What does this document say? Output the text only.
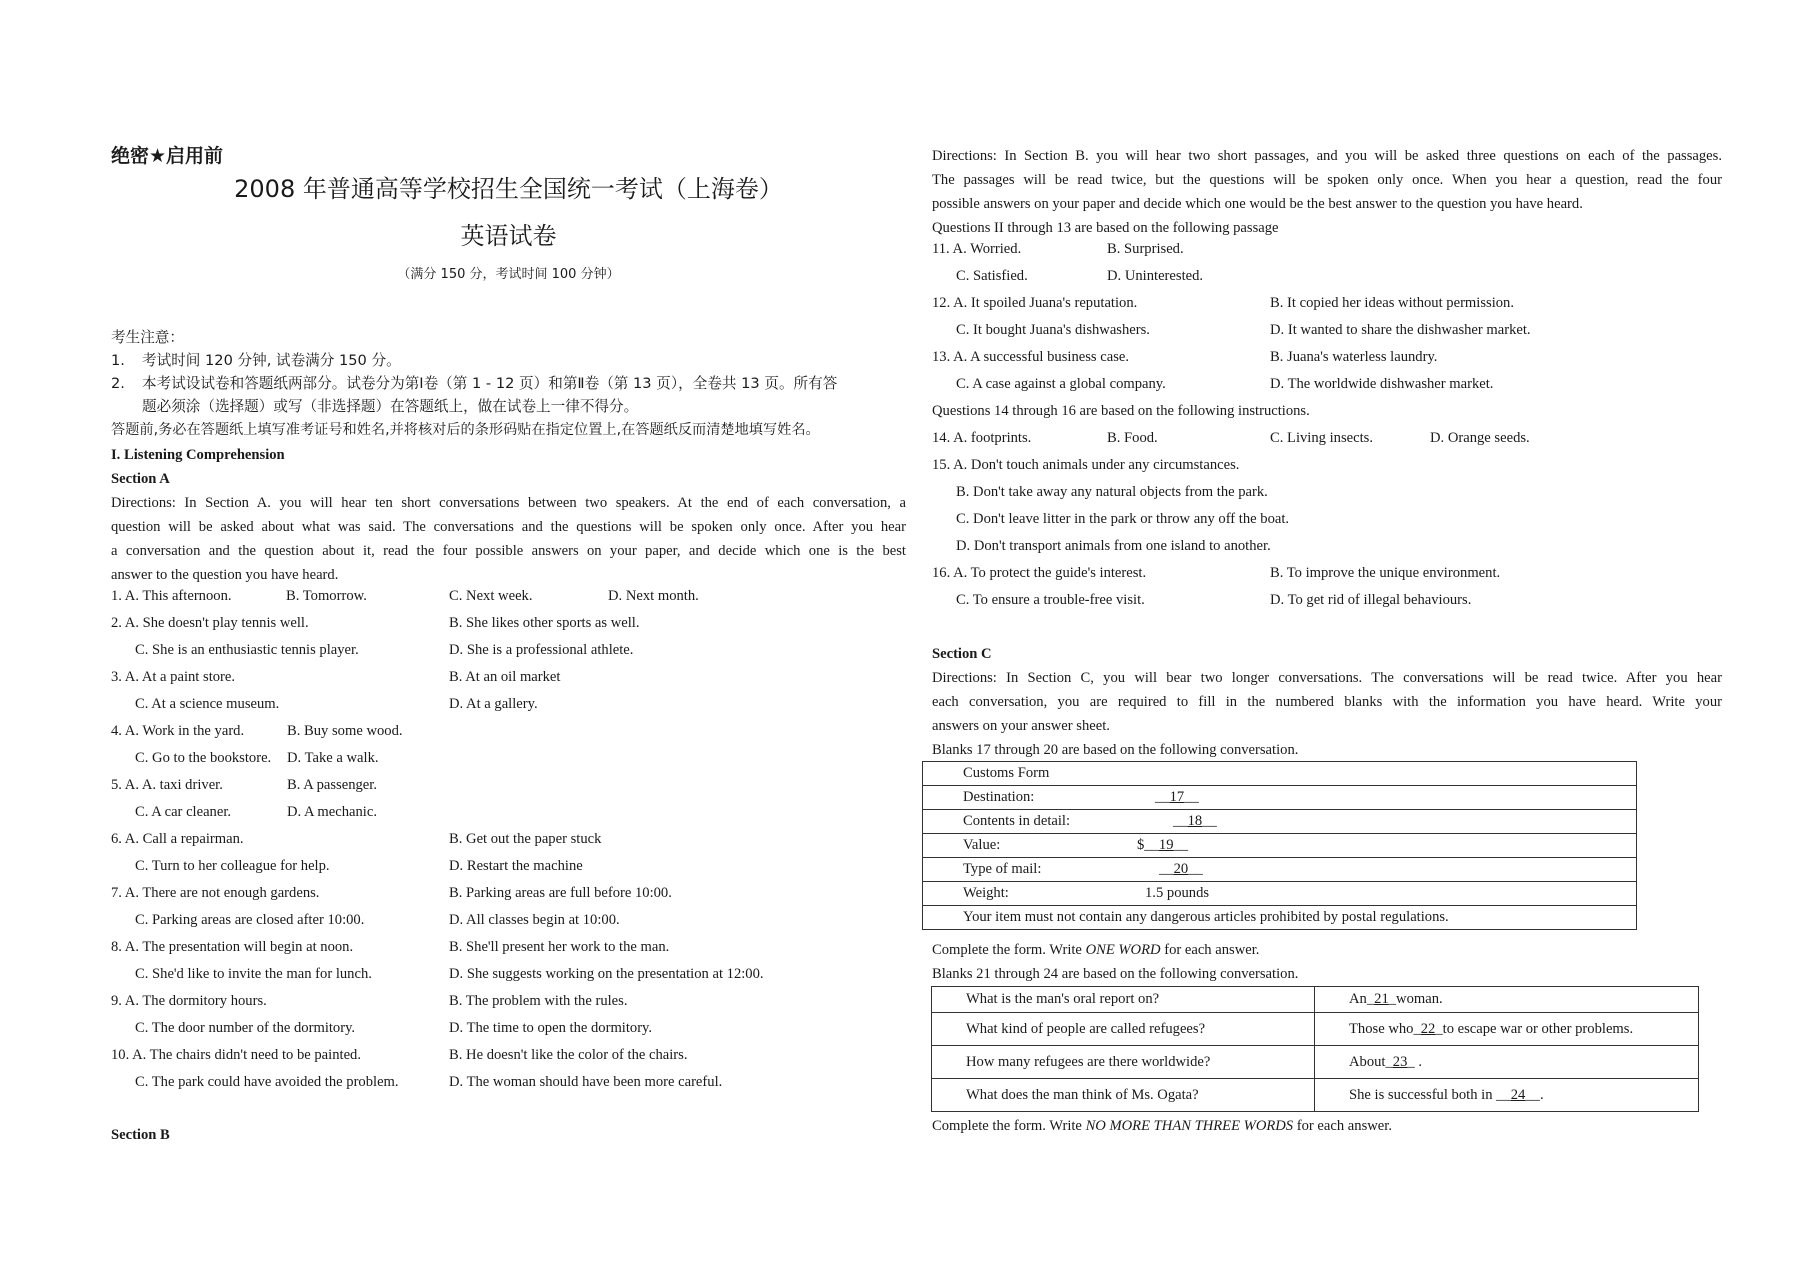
绝密★启用前
2008 年普通高等学校招生全国统一考试（上海卷）
英语试卷
（满分 150 分，考试时间 100 分钟）
考生注意：
1. 考试时间 120 分钟, 试卷满分 150 分。
2. 本考试设试卷和答题纸两部分。试卷分为第Ⅰ卷（第 1 - 12 页）和第Ⅱ卷（第 13 页），全卷共 13 页。所有答
题必须涂（选择题）或写（非选择题）在答题纸上，做在试卷上一律不得分。
答题前,务必在答题纸上填写准考证号和姓名,并将核对后的条形码贴在指定位置上,在答题纸反而清楚地填写姓名。
I. Listening Comprehension
Section A
Directions: In Section A. you will hear ten short conversations between two speakers. At the end of each conversation, a
question will be asked about what was said. The conversations and the questions will be spoken only once. After you hear
a conversation and the question about it, read the four possible answers on your paper, and decide which one is the best
answer to the question you have heard.
1. A. This afternoon.	B. Tomorrow.	C. Next week.	D. Next month.
2. A. She doesn't play tennis well.	B. She likes other sports as well.
C. She is an enthusiastic tennis player.	D. She is a professional athlete.
3. A. At a paint store.	B. At an oil market
C. At a science museum.	D. At a gallery.
4. A. Work in the yard.	B. Buy some wood.
C. Go to the bookstore. D. Take a walk.
5. A. A. taxi driver.	B. A passenger.
C. A car cleaner.	D. A mechanic.
6. A. Call a repairman.	B. Get out the paper stuck
C. Turn to her colleague for help.	D. Restart the machine
7. A. There are not enough gardens.	B. Parking areas are full before 10:00.
C. Parking areas are closed after 10:00.	D. All classes begin at 10:00.
8. A. The presentation will begin at noon.	B. She'll present her work to the man.
C. She'd like to invite the man for lunch.	D. She suggests working on the presentation at 12:00.
9. A. The dormitory hours.	B. The problem with the rules.
C. The door number of the dormitory.	D. The time to open the dormitory.
10. A. The chairs didn't need to be painted.	B. He doesn't like the color of the chairs.
C. The park could have avoided the problem.	D. The woman should have been more careful.
Section B
Directions: In Section B. you will hear two short passages, and you will be asked three questions on each of the passages.
The passages will be read twice, but the questions will be spoken only once. When you hear a question, read the four
possible answers on your paper and decide which one would be the best answer to the question you have heard.
Questions II through 13 are based on the following passage
11. A. Worried.	B. Surprised.
C. Satisfied.	D. Uninterested.
12. A. It spoiled Juana's reputation.	B. It copied her ideas without permission.
C. It bought Juana's dishwashers.	D. It wanted to share the dishwasher market.
13. A. A successful business case.	B. Juana's waterless laundry.
C. A case against a global company.	D. The worldwide dishwasher market.
Questions 14 through 16 are based on the following instructions.
14. A. footprints.	B. Food.	C. Living insects.	D. Orange seeds.
15. A. Don't touch animals under any circumstances.
B. Don't take away any natural objects from the park.
C. Don't leave litter in the park or throw any off the boat.
D. Don't transport animals from one island to another.
16. A. To protect the guide's interest.	B. To improve the unique environment.
C. To ensure a trouble-free visit.	D. To get rid of illegal behaviours.
Section C
Directions: In Section C, you will bear two longer conversations. The conversations will be read twice. After you hear
each conversation, you are required to fill in the numbered blanks with the information you have heard. Write your
answers on your answer sheet.
Blanks 17 through 20 are based on the following conversation.
Customs Form
Destination:	__17__

Contents in detail:	__18__

Value:	$__19__

Type of mail:	__20__

Weight:	1.5 pounds

Your item must not contain any dangerous articles prohibited by postal regulations.
Complete the form. Write ONE WORD for each answer.
Blanks 21 through 24 are based on the following conversation.
What is the man's oral report on?	An_21_woman.
What kind of people are called refugees?	Those who_22_to escape war or other problems.
How many refugees are there worldwide?	About_23_ .
What does the man think of Ms. Ogata?	She is successful both in __24__.
Complete the form. Write NO MORE THAN THREE WORDS for each answer.
